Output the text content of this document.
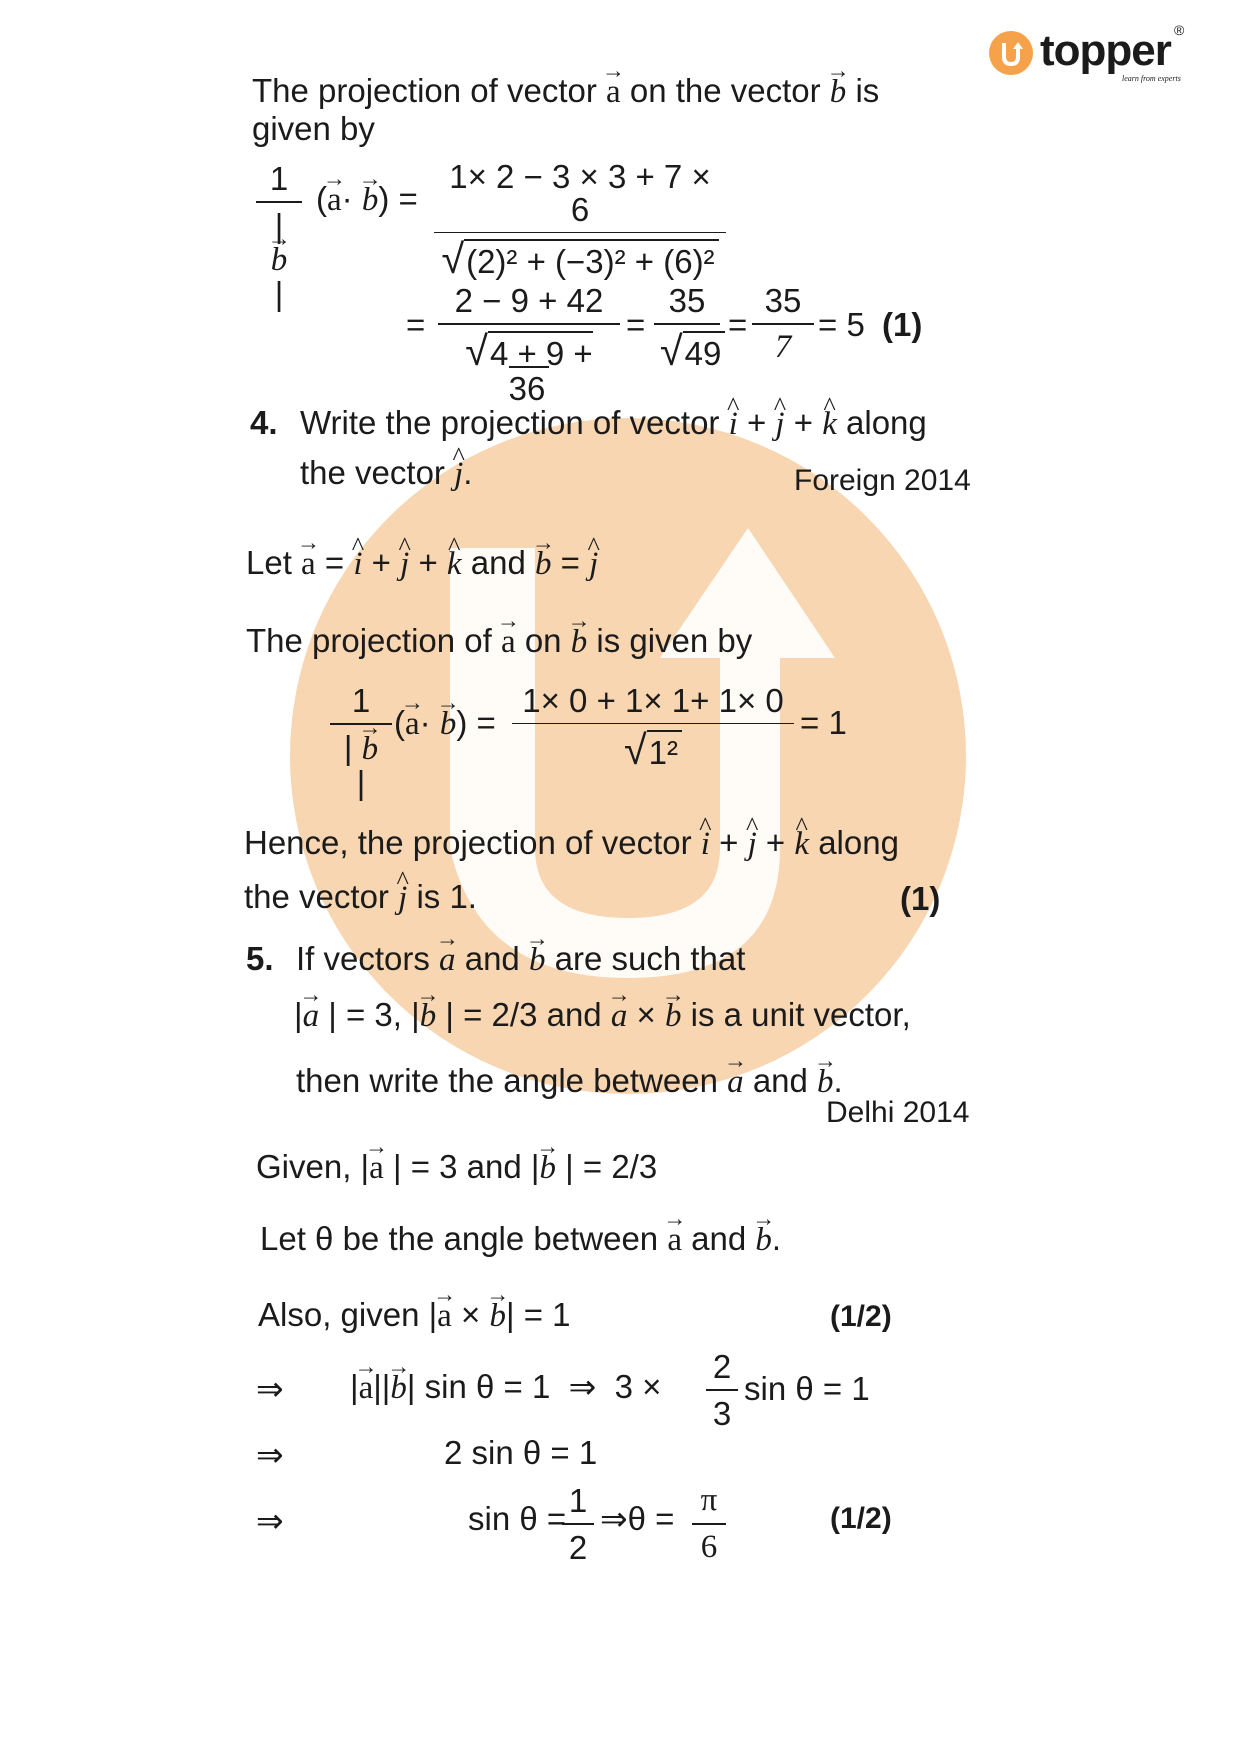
topper ®
learn from experts
The projection of vector → a on the vector → b is
given by
$\frac{1}{| \to b |}$ (→ $a\cdot \to b) = \frac{1\times 2 - 3 \times 3 + 7 \times 6}{\text{√(2)² + (−3)² + (6)²}}$
= $\frac{2 - 9 + 42}{√4 + 9 + 36} = \frac{35}{√49} = \frac{35}{7} = 5$ (1)
4. Write the projection of vector ^ i + ^ j + ^ k along
the vector ^ j.	Foreign 2014
Let → a = ^ i + ^ j + ^ k and → b = ^ j
The projection of → a on → b is given by
$\frac{1}{| \to b |}$ (→ $a\cdot \to b) = \frac{1\times 0 + 1\times 1+ 1\times 0}{\text{√1²}} = 1$
Hence, the projection of vector ^ i + ^ j + ^ k along
the vector ^ j is 1.	(1)
5. If vectors → a and → b are such that
|→ a | = 3, |→ b | = 2/3 and → a × → b is a unit vector,
then write the angle between → a and → b.
Delhi 2014
Given, |→ a | = 3 and |→ b | = 2/3
Let θ be the angle between → a and → b.
Also, given |→ a × → b| = 1	(1/2)
⇒ |→ a||→ b| sin θ = 1 ⇒ $3 \times \frac{2}{3}$ sin θ = 1
⇒	2 sin θ = 1
⇒	sin θ =
$\frac{1}{2}$ ⇒θ = $\frac{\pi}{6}$	(1/2)
